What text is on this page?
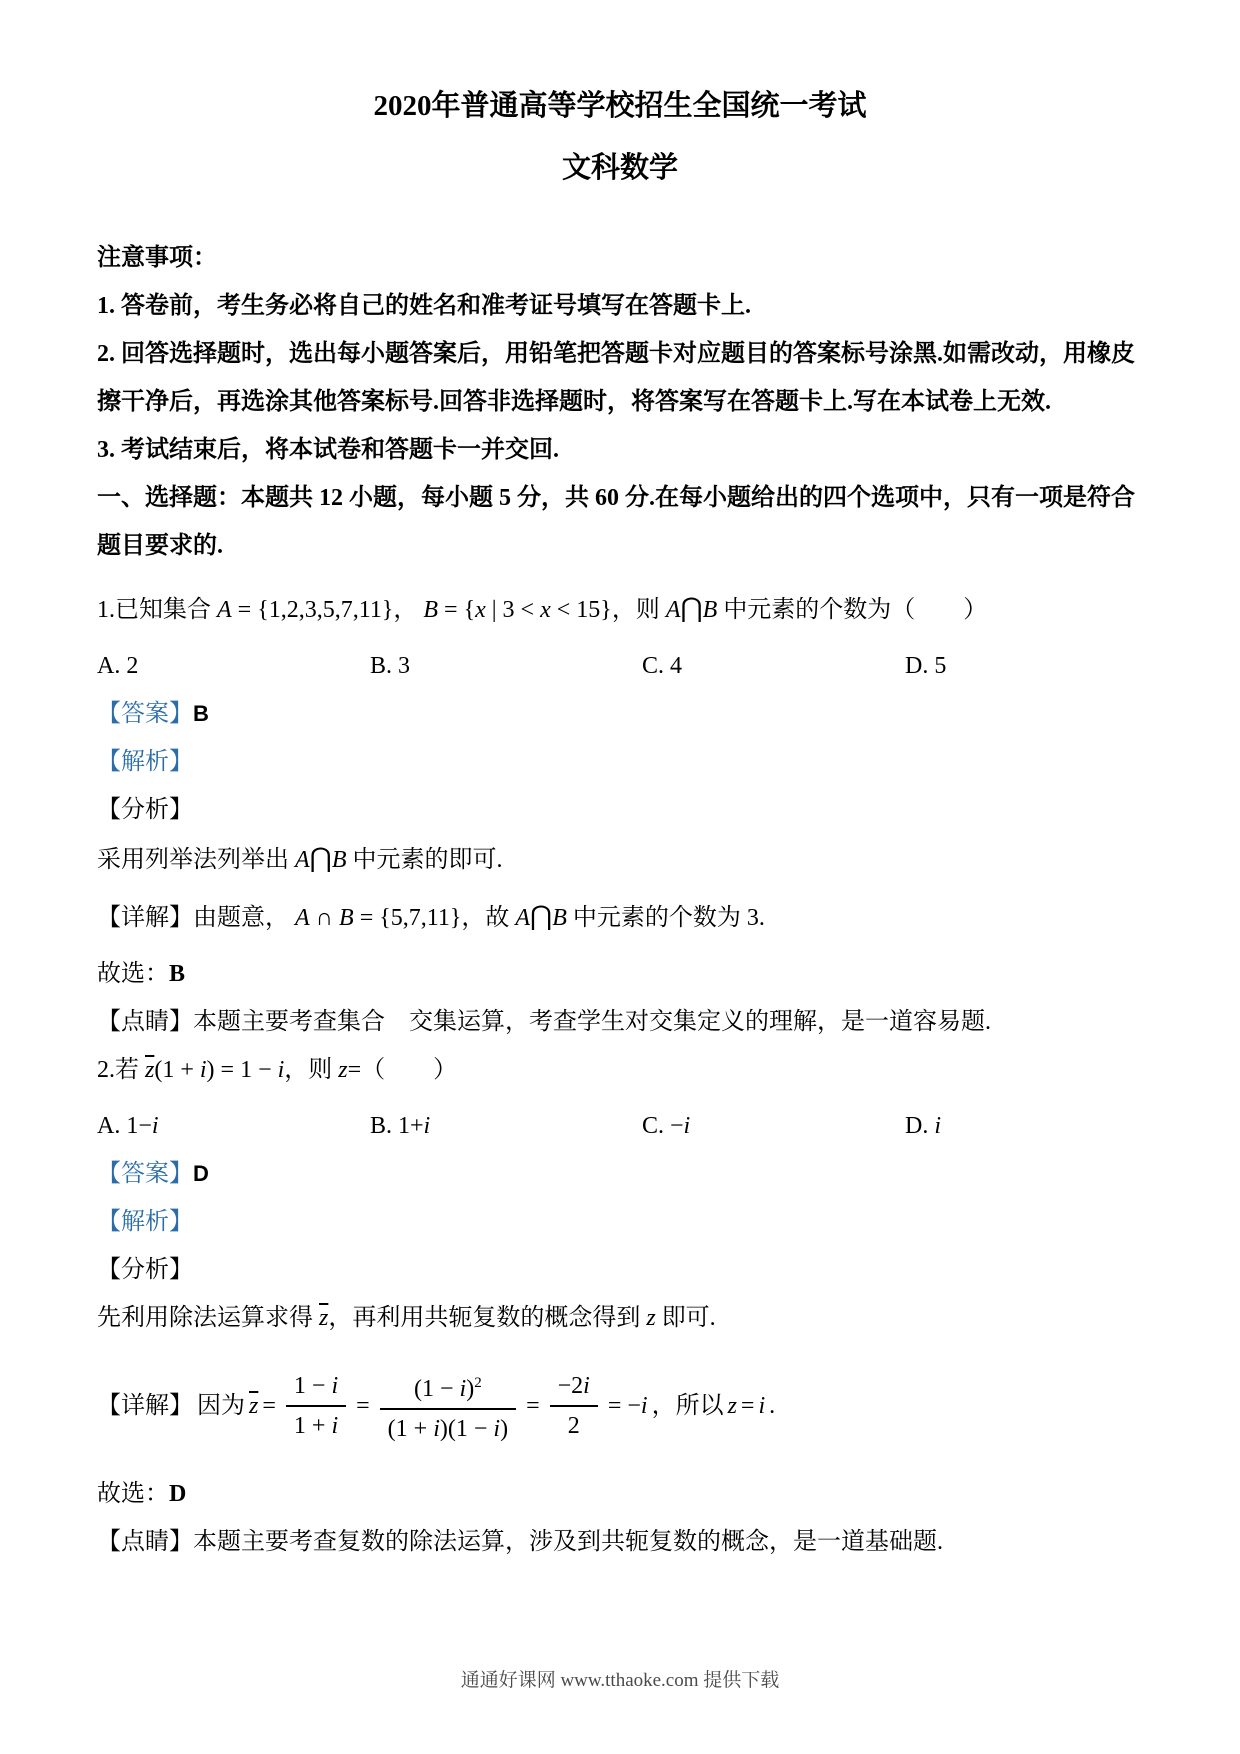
2020年普通高等学校招生全国统一考试

文科数学

注意事项：

1. 答卷前，考生务必将自己的姓名和准考证号填写在答题卡上.

2. 回答选择题时，选出每小题答案后，用铅笔把答题卡对应题目的答案标号涂黑.如需改动，用橡皮擦干净后，再选涂其他答案标号.回答非选择题时，将答案写在答题卡上.写在本试卷上无效.

3. 考试结束后，将本试卷和答题卡一并交回.

一、选择题：本题共 12 小题，每小题 5 分，共 60 分.在每小题给出的四个选项中，只有一项是符合题目要求的.

1.已知集合 A = {1,2,3,5,7,11}， B = {x | 3 < x < 15}，则 A⋂B 中元素的个数为（　　）

A. 2	B. 3	C. 4	D. 5

【答案】B

【解析】

【分析】

采用列举法列举出 A⋂B 中元素的即可.

【详解】由题意， A ∩ B = {5,7,11}，故 A⋂B 中元素的个数为 3.

故选：B

【点睛】本题主要考查集合　交集运算，考查学生对交集定义的理解，是一道容易题.

2.若 $\overline{z}(1 + i) = 1 - i$，则 z=（　　）

A. 1−i	B. 1+i	C. −i	D. i

【答案】D

【解析】

【分析】

先利用除法运算求得 $\overline{z}$，再利用共轭复数的概念得到 z 即可.

【详解】 因为 $\overline{z} = \frac{1 - i}{1 + i} = \frac{(1 - i)^2}{(1 + i)(1 - i)} = \frac{-2i}{2} = -i$ ，所以 z = i .

故选：D

【点睛】本题主要考查复数的除法运算，涉及到共轭复数的概念，是一道基础题.

通通好课网 www.tthaoke.com 提供下载
